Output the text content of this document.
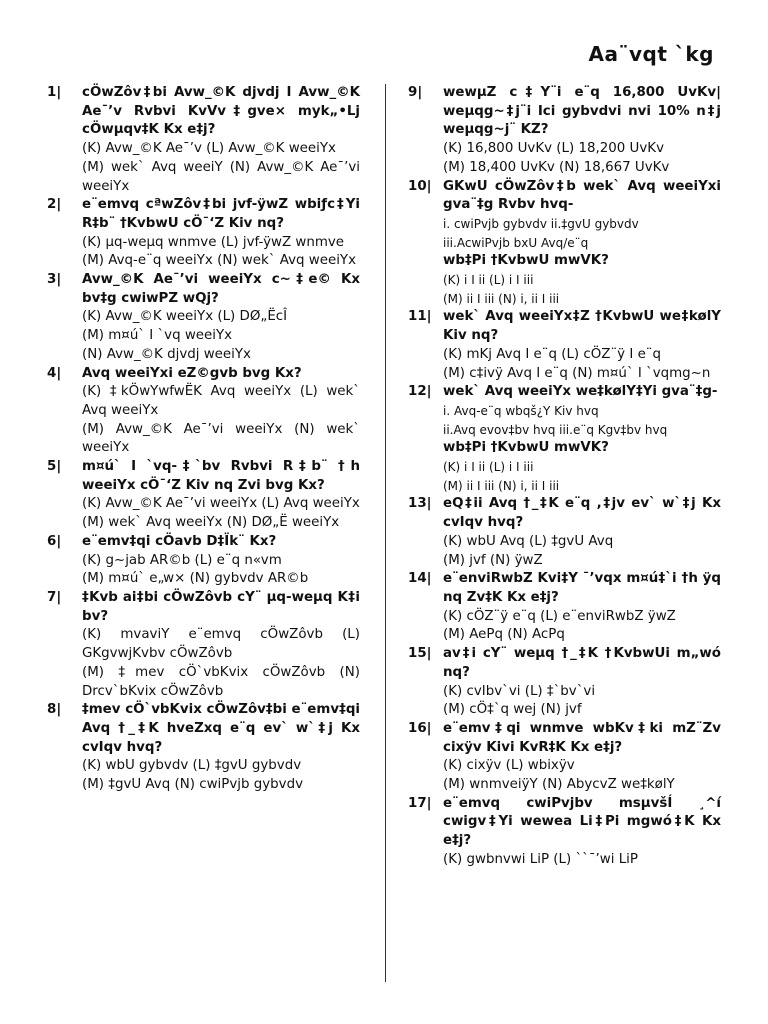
Aa¨vqt `kg
1| cÖwZôv‡bi Avw_©K djvdj I Avw_©K Ae¯’v Rvbvi KvVv‡gve× myk„•Lj cÖwµqv‡K Kx e‡j?
(K) Avw_©K Ae¯’v (L) Avw_©K weeiYx
(M) wek` Avq weeiY (N) Avw_©K Ae¯’vi weeiYx
2| e¨emvq cªwZôv‡bi jvf-ÿwZ wbiƒc‡Yi R‡b¨ †KvbwU cÖ¯‘Z Kiv nq?
(K) µq-weµq wnmve (L) jvf-ÿwZ wnmve
(M) Avq-e¨q weeiYx (N) wek` Avq weeiYx
3| Avw_©K Ae¯’vi weeiYx c~‡e© Kx bv‡g cwiwPZ wQj?
(K) Avw_©K weeiYx (L) DØ„ËcÎ
(M) m¤ú` I `vq weeiYx
(N) Avw_©K djvdj weeiYx
4| Avq weeiYxi eZ©gvb bvg Kx?
(K) ‡kÖwYwfwËK Avq weeiYx (L) wek` Avq weeiYx
(M) Avw_©K Ae¯’vi weeiYx (N) wek` weeiYx
5| m¤ú` I `vq-‡`bv Rvbvi R‡b¨ †h weeiYx cÖ¯‘Z Kiv nq Zvi bvg Kx?
(K) Avw_©K Ae¯’vi weeiYx (L) Avq weeiYx
(M) wek` Avq weeiYx (N) DØ„Ë weeiYx
6| e¨emv‡qi cÖavb D‡Ïk¨ Kx?
(K) g~jab AR©b (L) e¨q n«vm
(M) m¤ú` e„w× (N) gybvdv AR©b
7| ‡Kvb ai‡bi cÖwZôvb cY¨ µq-weµq K‡i bv?
(K) mvaviY e¨emvq cÖwZôvb (L) GKgvwjKvbv cÖwZôvb
(M) ‡mev cÖ`vbKvix cÖwZôvb (N) Drcv`bKvix cÖwZôvb
8| ‡mev cÖ`vbKvix cÖwZôv‡bi e¨emv‡qi Avq †_‡K hveZxq e¨q ev` w`‡j Kx cvIqv hvq?
(K) wbU gybvdv (L) ‡gvU gybvdv
(M) ‡gvU Avq (N) cwiPvjb gybvdv
9| wewµZ c‡Y¨i e¨q 16,800 UvKv| weµqg~‡j¨i Ici gybvdvi nvi 10% n‡j weµqg~j¨ KZ?
(K) 16,800 UvKv (L) 18,200 UvKv
(M) 18,400 UvKv (N) 18,667 UvKv
10| GKwU cÖwZôv‡b wek` Avq weeiYxi gva¨‡g Rvbv hvq-
i. cwiPvjb gybvdv ii.‡gvU gybvdv
iii.AcwiPvjb bxU Avq/e¨q
wb‡Pi †KvbwU mwVK?
(K) i I ii (L) i I iii
(M) ii I iii (N) i, ii I iii
11| wek` Avq weeiYx‡Z †KvbwU we‡kølY Kiv nq?
(K) mKj Avq I e¨q (L) cÖZ¨ÿ I e¨q
(M) c‡ivÿ Avq I e¨q (N) m¤ú` I `vqmg~n
12| wek` Avq weeiYx we‡kølY‡Yi gva¨‡g-
i. Avq-e¨q wbqš¿Y Kiv hvq
ii.Avq evov‡bv hvq iii.e¨q Kgv‡bv hvq
wb‡Pi †KvbwU mwVK?
(K) i I ii (L) i I iii
(M) ii I iii (N) i, ii I iii
13| eQ‡ii Avq †_‡K e¨q ,‡jv ev` w`‡j Kx cvIqv hvq?
(K) wbU Avq (L) ‡gvU Avq
(M) jvf (N) ÿwZ
14| e¨enviRwbZ Kvi‡Y ¯’vqx m¤ú‡`i †h ÿq nq Zv‡K Kx e‡j?
(K) cÖZ¨ÿ e¨q (L) e¨enviRwbZ ÿwZ
(M) AePq (N) AcPq
15| av‡i cY¨ weµq †_‡K †KvbwUi m„wó nq?
(K) cvIbv`vi (L) ‡`bv`vi
(M) cÖ‡`q wej (N) jvf
16| e¨emv‡qi wnmve wbKv‡ki mZ¨Zv cixÿv Kivi KvR‡K Kx e‡j?
(K) cixÿv (L) wbixÿv
(M) wnmveiÿY (N) AbycvZ we‡kølY
17| e¨emvq cwiPvjbv msµvšÍ ¸^í cwigv‡Yi wewea Li‡Pi mgwó‡K Kx e‡j?
(K) gwbnvwi LiP (L) ``¯’wi LiP
